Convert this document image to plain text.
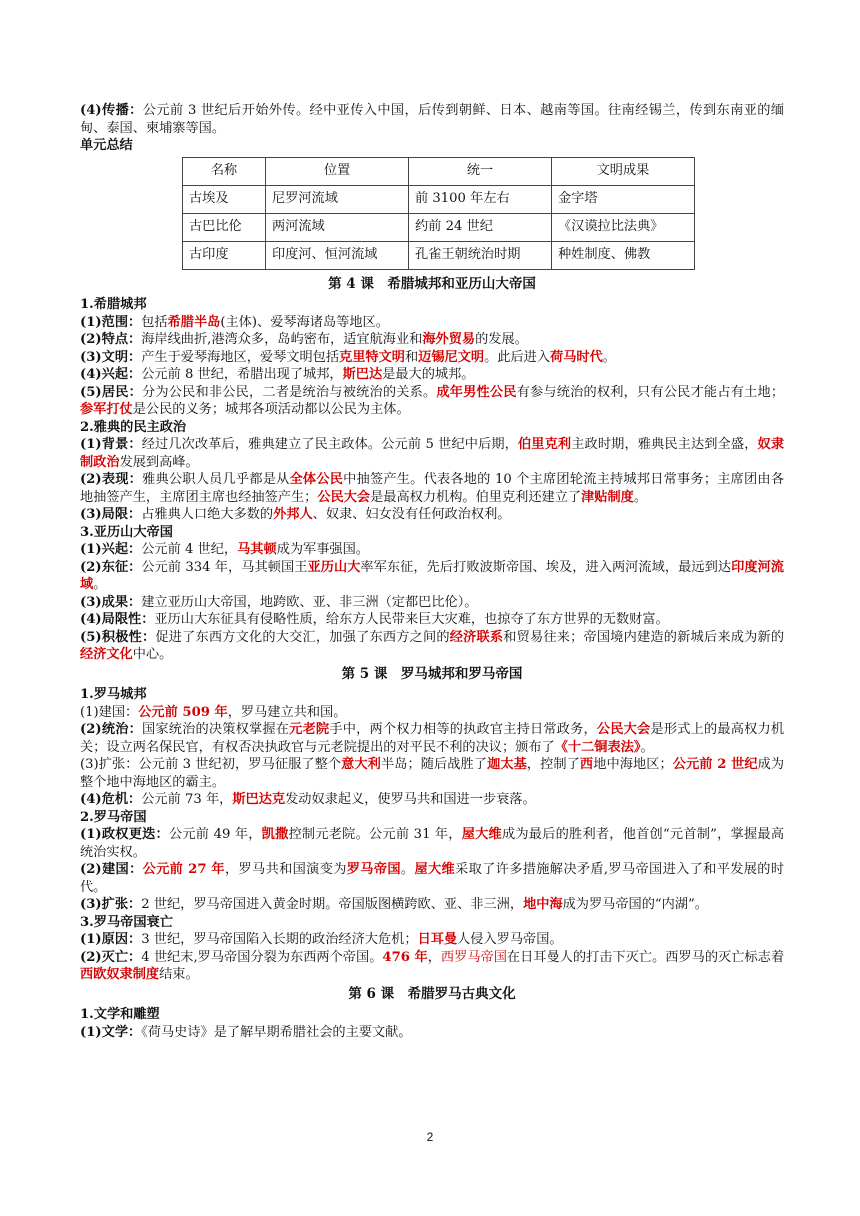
(4)传播：公元前 3 世纪后开始外传。经中亚传入中国，后传到朝鲜、日本、越南等国。往南经锡兰，传到东南亚的缅甸、泰国、柬埔寨等国。

单元总结

名称	位置	统一	文明成果
古埃及	尼罗河流域	前 3100 年左右	金字塔
古巴比伦	两河流域	约前 24 世纪	《汉谟拉比法典》
古印度	印度河、恒河流域	孔雀王朝统治时期	种姓制度、佛教

第 4 课　希腊城邦和亚历山大帝国

1.希腊城邦

(1)范围：包括希腊半岛(主体)、爱琴海诸岛等地区。

(2)特点：海岸线曲折,港湾众多，岛屿密布，适宜航海业和海外贸易的发展。

(3)文明：产生于爱琴海地区，爱琴文明包括克里特文明和迈锡尼文明。此后进入荷马时代。

(4)兴起：公元前 8 世纪，希腊出现了城邦，斯巴达是最大的城邦。

(5)居民：分为公民和非公民，二者是统治与被统治的关系。成年男性公民有参与统治的权利，只有公民才能占有土地；参军打仗是公民的义务；城邦各项活动都以公民为主体。

2.雅典的民主政治

(1)背景：经过几次改革后，雅典建立了民主政体。公元前 5 世纪中后期，伯里克利主政时期，雅典民主达到全盛，奴隶制政治发展到高峰。

(2)表现：雅典公职人员几乎都是从全体公民中抽签产生。代表各地的 10 个主席团轮流主持城邦日常事务；主席团由各地抽签产生，主席团主席也经抽签产生；公民大会是最高权力机构。伯里克利还建立了津贴制度。

(3)局限：占雅典人口绝大多数的外邦人、奴隶、妇女没有任何政治权利。

3.亚历山大帝国

(1)兴起：公元前 4 世纪，马其顿成为军事强国。

(2)东征：公元前 334 年，马其顿国王亚历山大率军东征，先后打败波斯帝国、埃及，进入两河流域，最远到达印度河流域。

(3)成果：建立亚历山大帝国，地跨欧、亚、非三洲（定都巴比伦）。

(4)局限性：亚历山大东征具有侵略性质，给东方人民带来巨大灾难，也掠夺了东方世界的无数财富。

(5)积极性：促进了东西方文化的大交汇，加强了东西方之间的经济联系和贸易往来；帝国境内建造的新城后来成为新的经济文化中心。

第 5 课　罗马城邦和罗马帝国

1.罗马城邦

(1)建国：公元前 509 年，罗马建立共和国。

(2)统治：国家统治的决策权掌握在元老院手中，两个权力相等的执政官主持日常政务，公民大会是形式上的最高权力机关；设立两名保民官，有权否决执政官与元老院提出的对平民不利的决议；颁布了《十二铜表法》。

(3)扩张：公元前 3 世纪初，罗马征服了整个意大利半岛；随后战胜了迦太基，控制了西地中海地区；公元前 2 世纪成为整个地中海地区的霸主。

(4)危机：公元前 73 年，斯巴达克发动奴隶起义，使罗马共和国进一步衰落。

2.罗马帝国

(1)政权更迭：公元前 49 年，凯撒控制元老院。公元前 31 年，屋大维成为最后的胜利者，他首创“元首制”，掌握最高统治实权。

(2)建国：公元前 27 年，罗马共和国演变为罗马帝国。屋大维采取了许多措施解决矛盾,罗马帝国进入了和平发展的时代。

(3)扩张：2 世纪，罗马帝国进入黄金时期。帝国版图横跨欧、亚、非三洲，地中海成为罗马帝国的“内湖”。

3.罗马帝国衰亡

(1)原因：3 世纪，罗马帝国陷入长期的政治经济大危机；日耳曼人侵入罗马帝国。

(2)灭亡：4 世纪末,罗马帝国分裂为东西两个帝国。476 年，西罗马帝国在日耳曼人的打击下灭亡。西罗马的灭亡标志着西欧奴隶制度结束。

第 6 课　希腊罗马古典文化

1.文学和雕塑

(1)文学：《荷马史诗》是了解早期希腊社会的主要文献。

2
